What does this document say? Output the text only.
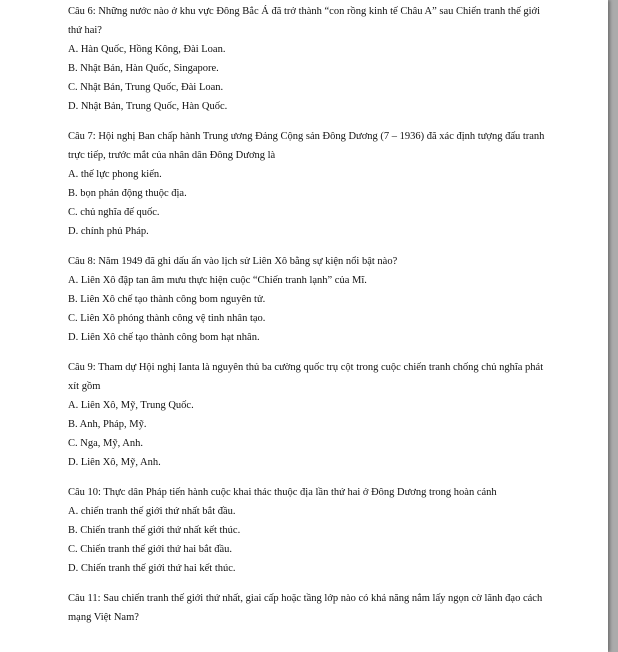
Câu 6: Những nước nào ở khu vực Đông Bắc Á đã trở thành “con rồng kinh tế Châu A” sau Chiến tranh thế giới thứ hai?

A. Hàn Quốc, Hồng Kông, Đài Loan.

B. Nhật Bản, Hàn Quốc, Singapore.

C. Nhật Bản, Trung Quốc, Đài Loan.

D. Nhật Bản, Trung Quốc, Hàn Quốc.

Câu 7: Hội nghị Ban chấp hành Trung ương Đảng Cộng sản Đông Dương (7 – 1936) đã xác định tượng đấu tranh trực tiếp, trước mắt của nhân dân Đông Dương là

A. thế lực phong kiến.

B. bọn phản động thuộc địa.

C. chủ nghĩa đế quốc.

D. chính phủ Pháp.

Câu 8: Năm 1949 đã ghi dấu ấn vào lịch sử Liên Xô bằng sự kiện nổi bật nào?

A. Liên Xô đập tan âm mưu thực hiện cuộc “Chiến tranh lạnh” của Mĩ.

B. Liên Xô chế tạo thành công bom nguyên tử.

C. Liên Xô phóng thành công vệ tinh nhân tạo.

D. Liên Xô chế tạo thành công bom hạt nhân.

Câu 9: Tham dự Hội nghị Ianta là nguyên thủ ba cường quốc trụ cột trong cuộc chiến tranh chống chủ nghĩa phát xít gồm

A. Liên Xô, Mỹ, Trung Quốc.

B. Anh, Pháp, Mỹ.

C. Nga, Mỹ, Anh.

D. Liên Xô, Mỹ, Anh.

Câu 10: Thực dân Pháp tiến hành cuộc khai thác thuộc địa lần thứ hai ở Đông Dương trong hoàn cảnh

A. chiến tranh thế giới thứ nhất bắt đầu.

B. Chiến tranh thế giới thứ nhất kết thúc.

C. Chiến tranh thế giới thứ hai bắt đầu.

D. Chiến tranh thế giới thứ hai kết thúc.

Câu 11: Sau chiến tranh thế giới thứ nhất, giai cấp hoặc tầng lớp nào có khả năng nắm lấy ngọn cờ lãnh đạo cách mạng Việt Nam?
